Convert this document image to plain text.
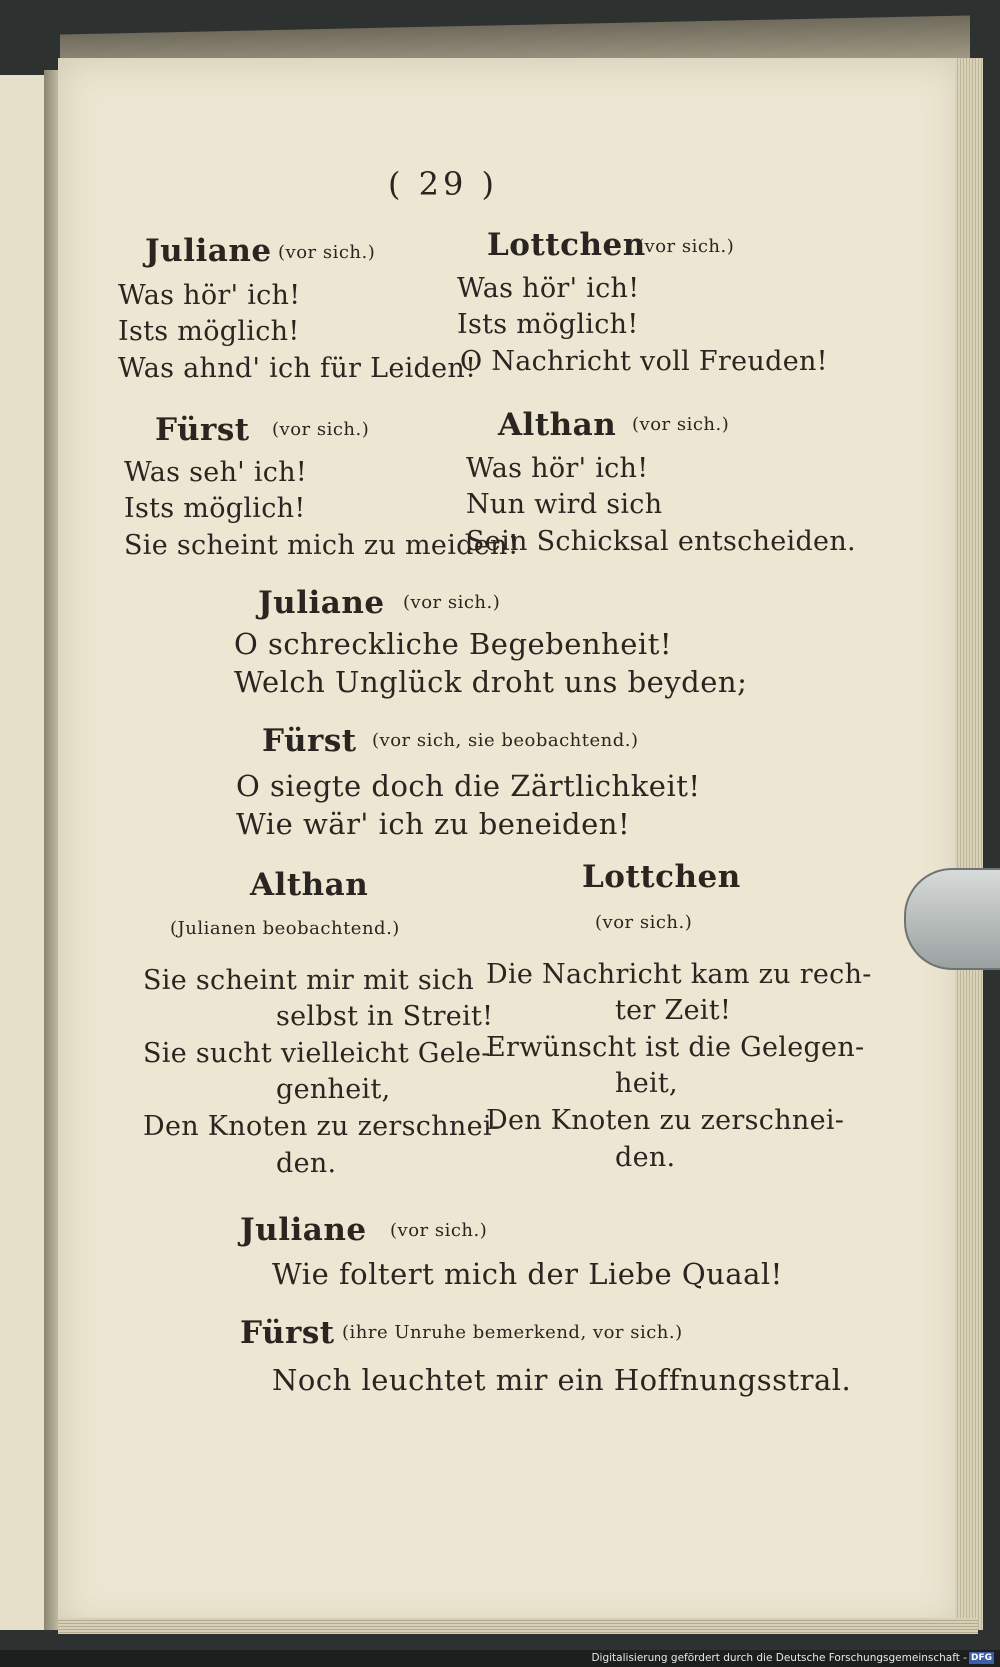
( 29 )
Juliane (vor sich.)
Was hör' ich!
Ists möglich!
Was ahnd' ich für Leiden!
Lottchen
(vor sich.)
Was hör' ich!
Ists möglich!
O Nachricht voll Freuden!
Fürst (vor sich.)
Was seh' ich!
Ists möglich!
Sie scheint mich zu meiden!
Althan (vor sich.)
Was hör' ich!
Nun wird sich
Sein Schicksal entscheiden.
Juliane (vor sich.)
O schreckliche Begebenheit!
Welch Unglück droht uns beyden;
Fürst (vor sich, sie beobachtend.)
O siegte doch die Zärtlichkeit!
Wie wär' ich zu beneiden!
Althan
(Julianen beobachtend.)
Sie scheint mir mit sich
selbst in Streit!
Sie sucht vielleicht Gele-
genheit,
Den Knoten zu zerschnei-
den.
Lottchen
(vor sich.)
Die Nachricht kam zu rech-
ter Zeit!
Erwünscht ist die Gelegen-
heit,
Den Knoten zu zerschnei-
den.
Juliane (vor sich.)
Wie foltert mich der Liebe Quaal!
Fürst (ihre Unruhe bemerkend, vor sich.)
Noch leuchtet mir ein Hoffnungsstral.
Digitalisierung gefördert durch die Deutsche Forschungsgemeinschaft - DFG
